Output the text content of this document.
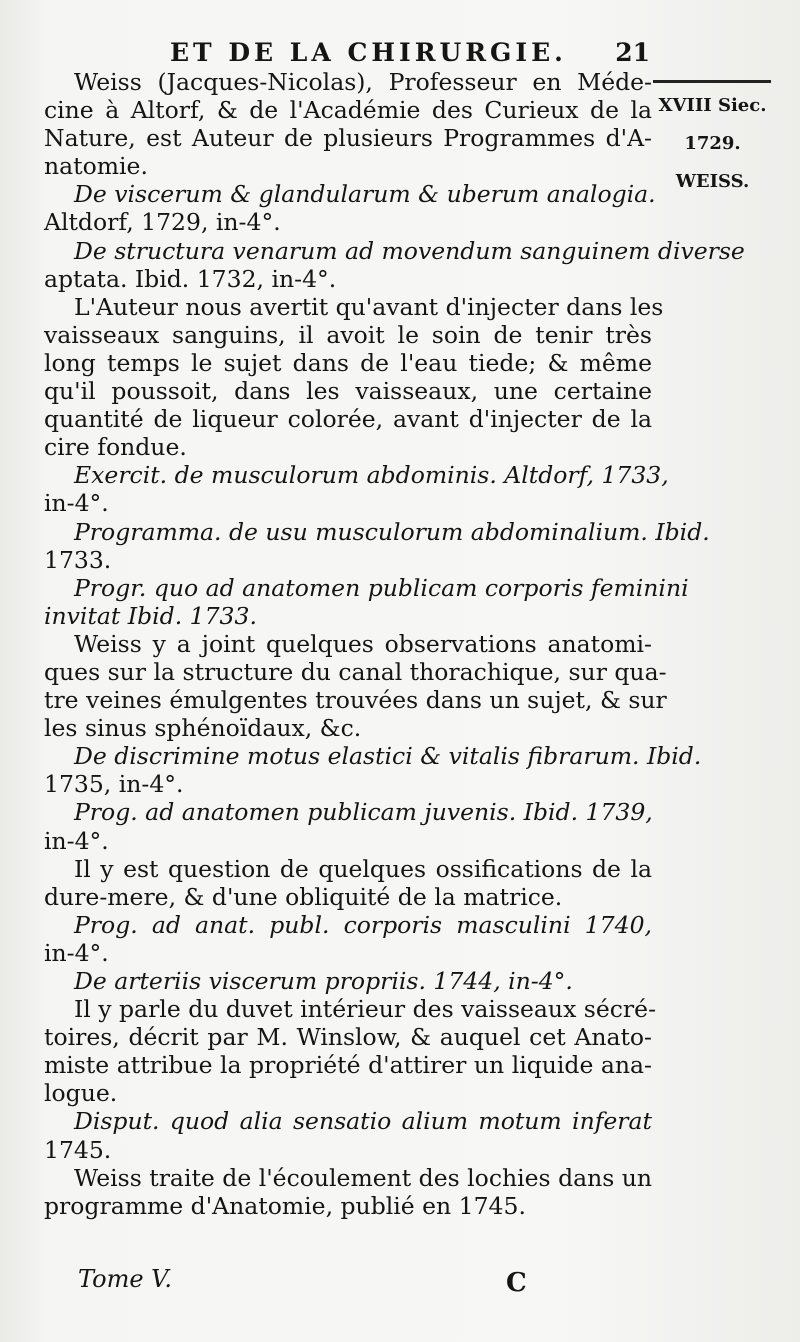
ET DE LA CHIRURGIE. 21
XVIII Siec.
1729.
WEISS.
Weiss (Jacques-Nicolas), Professeur en Méde-
cine à Altorf, & de l'Académie des Curieux de la
Nature, est Auteur de plusieurs Programmes d'A-
natomie.
De viscerum & glandularum & uberum analogia.
Altdorf, 1729, in-4°.
De structura venarum ad movendum sanguinem diverse
aptata. Ibid. 1732, in-4°.
L'Auteur nous avertit qu'avant d'injecter dans les
vaisseaux sanguins, il avoit le soin de tenir très
long temps le sujet dans de l'eau tiede; & même
qu'il poussoit, dans les vaisseaux, une certaine
quantité de liqueur colorée, avant d'injecter de la
cire fondue.
Exercit. de musculorum abdominis. Altdorf, 1733,
in-4°.
Programma. de usu musculorum abdominalium. Ibid.
1733.
Progr. quo ad anatomen publicam corporis feminini
invitat Ibid. 1733.
Weiss y a joint quelques observations anatomi-
ques sur la structure du canal thorachique, sur qua-
tre veines émulgentes trouvées dans un sujet, & sur
les sinus sphénoïdaux, &c.
De discrimine motus elastici & vitalis fibrarum. Ibid.
1735, in-4°.
Prog. ad anatomen publicam juvenis. Ibid. 1739,
in-4°.
Il y est question de quelques ossifications de la
dure-mere, & d'une obliquité de la matrice.
Prog. ad anat. publ. corporis masculini 1740,
in-4°.
De arteriis viscerum propriis. 1744, in-4°.
Il y parle du duvet intérieur des vaisseaux sécré-
toires, décrit par M. Winslow, & auquel cet Anato-
miste attribue la propriété d'attirer un liquide ana-
logue.
Disput. quod alia sensatio alium motum inferat
1745.
Weiss traite de l'écoulement des lochies dans un
programme d'Anatomie, publié en 1745.
Tome V.	C
